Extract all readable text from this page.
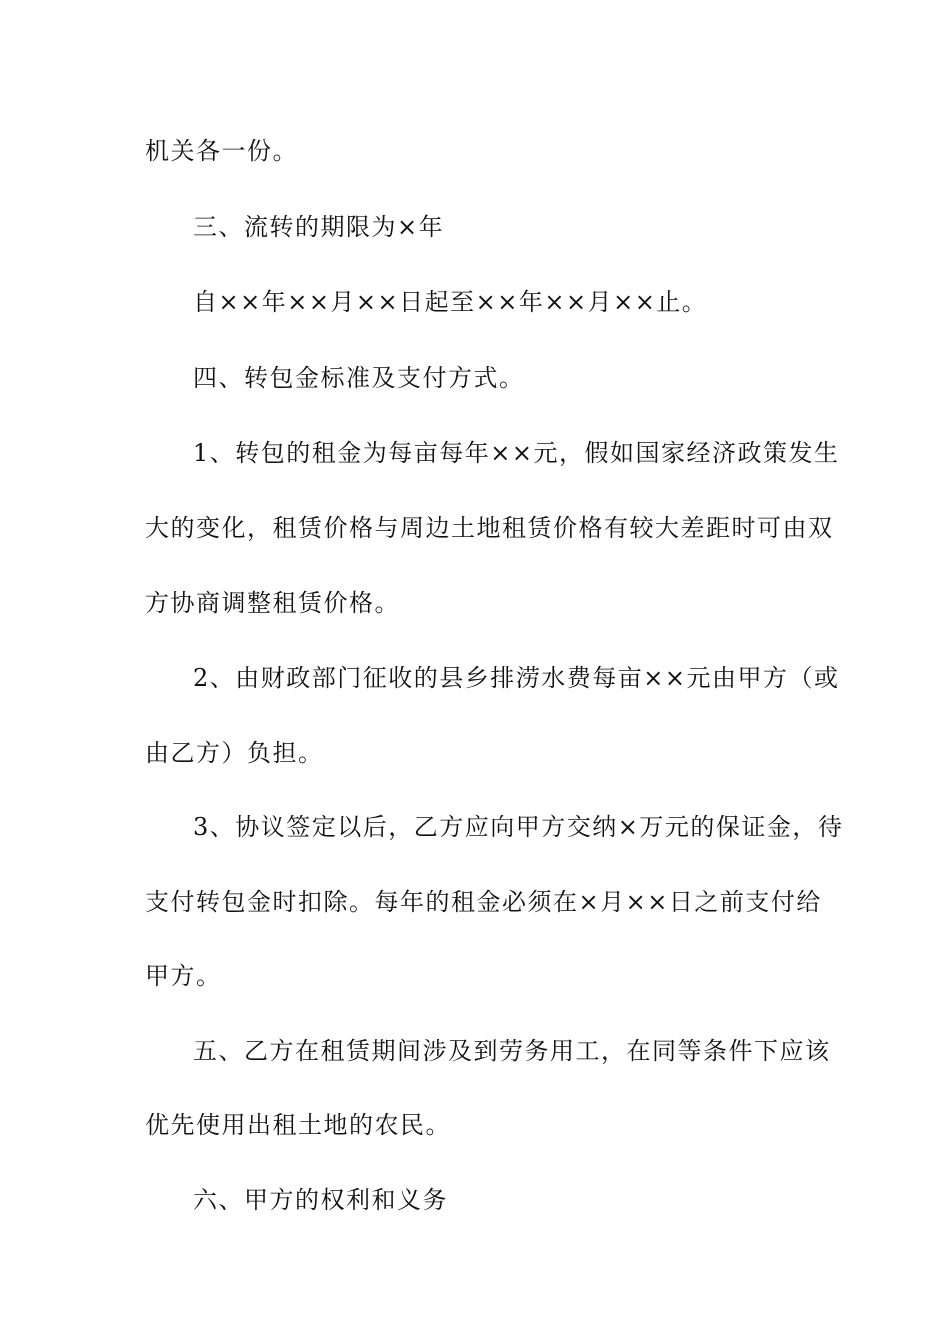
机关各一份。
三、流转的期限为×年
自××年××月××日起至××年××月××止。
四、转包金标准及支付方式。
1、转包的租金为每亩每年××元，假如国家经济政策发生
大的变化，租赁价格与周边土地租赁价格有较大差距时可由双
方协商调整租赁价格。
2、由财政部门征收的县乡排涝水费每亩××元由甲方（或
由乙方）负担。
3、协议签定以后，乙方应向甲方交纳×万元的保证金，待
支付转包金时扣除。每年的租金必须在×月××日之前支付给
甲方。
五、乙方在租赁期间涉及到劳务用工，在同等条件下应该
优先使用出租土地的农民。
六、甲方的权利和义务
